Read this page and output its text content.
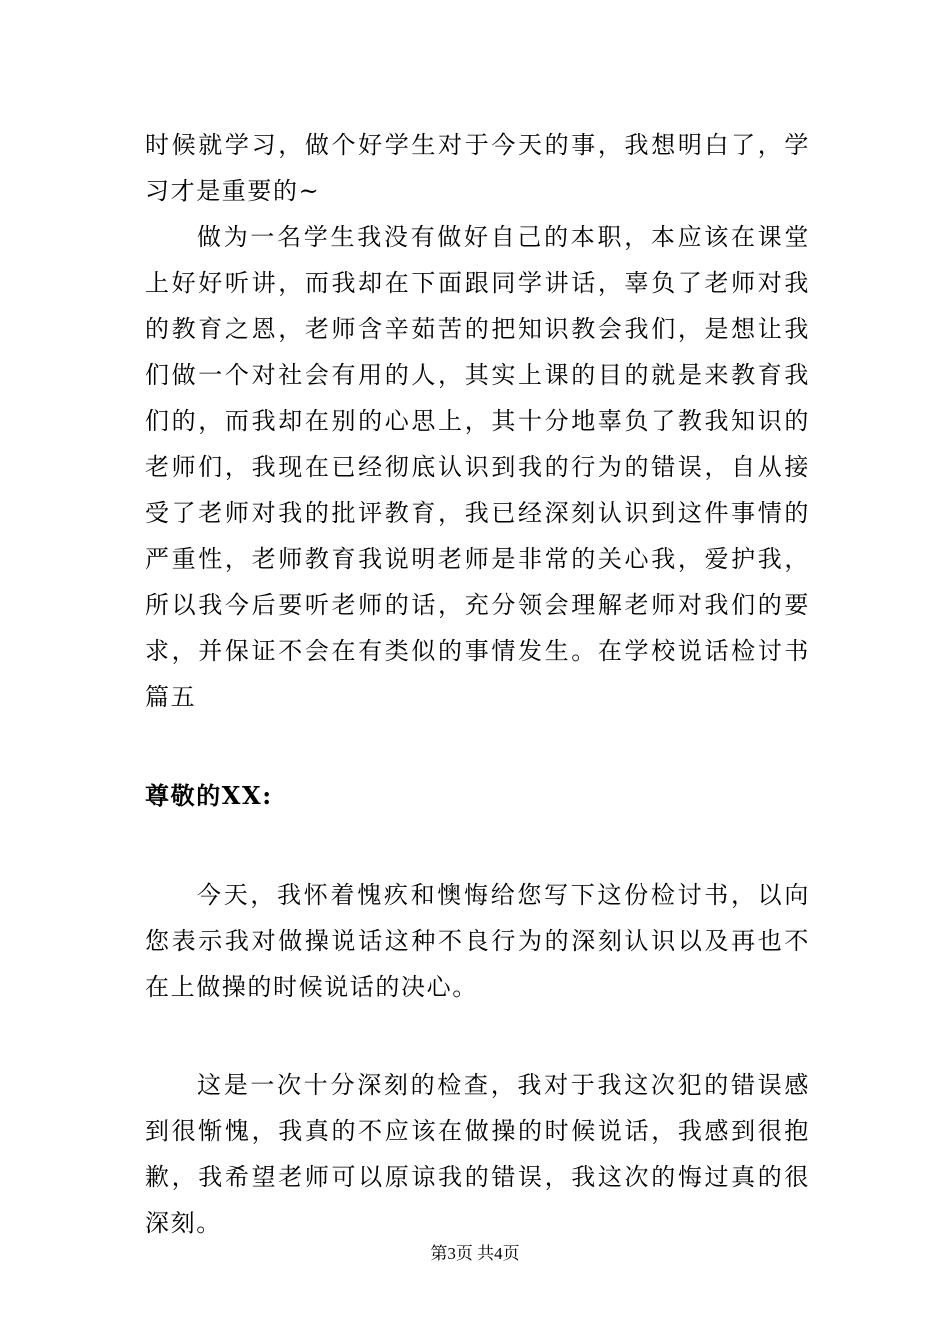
时候就学习，做个好学生对于今天的事，我想明白了，学习才是重要的~

做为一名学生我没有做好自己的本职，本应该在课堂上好好听讲，而我却在下面跟同学讲话，辜负了老师对我的教育之恩，老师含辛茹苦的把知识教会我们，是想让我们做一个对社会有用的人，其实上课的目的就是来教育我们的，而我却在别的心思上，其十分地辜负了教我知识的老师们，我现在已经彻底认识到我的行为的错误，自从接受了老师对我的批评教育，我已经深刻认识到这件事情的严重性，老师教育我说明老师是非常的关心我，爱护我，所以我今后要听老师的话，充分领会理解老师对我们的要求，并保证不会在有类似的事情发生。在学校说话检讨书篇五

尊敬的XX:

今天，我怀着愧疚和懊悔给您写下这份检讨书，以向您表示我对做操说话这种不良行为的深刻认识以及再也不在上做操的时候说话的决心。

这是一次十分深刻的检查，我对于我这次犯的错误感到很惭愧，我真的不应该在做操的时候说话，我感到很抱歉，我希望老师可以原谅我的错误，我这次的悔过真的很深刻。

第3页 共4页
